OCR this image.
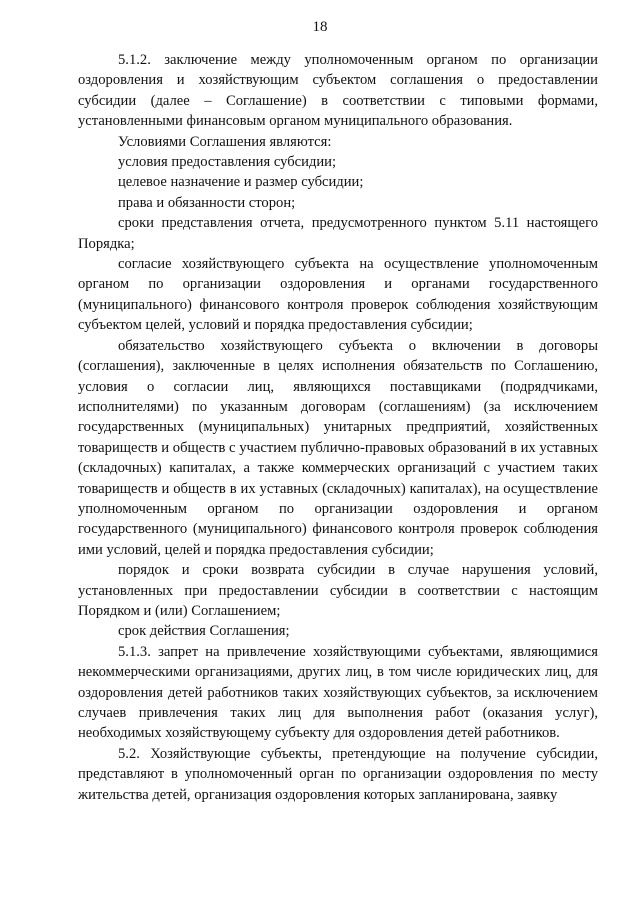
18

5.1.2. заключение между уполномоченным органом по организации оздоровления и хозяйствующим субъектом соглашения о предоставлении субсидии (далее – Соглашение) в соответствии с типовыми формами, установленными финансовым органом муниципального образования.

Условиями Соглашения являются:

условия предоставления субсидии;

целевое назначение и размер субсидии;

права и обязанности сторон;

сроки представления отчета, предусмотренного пунктом 5.11 настоящего Порядка;

согласие хозяйствующего субъекта на осуществление уполномоченным органом по организации оздоровления и органами государственного (муниципального) финансового контроля проверок соблюдения хозяйствующим субъектом целей, условий и порядка предоставления субсидии;

обязательство хозяйствующего субъекта о включении в договоры (соглашения), заключенные в целях исполнения обязательств по Соглашению, условия о согласии лиц, являющихся поставщиками (подрядчиками, исполнителями) по указанным договорам (соглашениям) (за исключением государственных (муниципальных) унитарных предприятий, хозяйственных товариществ и обществ с участием публично-правовых образований в их уставных (складочных) капиталах, а также коммерческих организаций с участием таких товариществ и обществ в их уставных (складочных) капиталах), на осуществление уполномоченным органом по организации оздоровления и органом государственного (муниципального) финансового контроля проверок соблюдения ими условий, целей и порядка предоставления субсидии;

порядок и сроки возврата субсидии в случае нарушения условий, установленных при предоставлении субсидии в соответствии с настоящим Порядком и (или) Соглашением;

срок действия Соглашения;

5.1.3. запрет на привлечение хозяйствующими субъектами, являющимися некоммерческими организациями, других лиц, в том числе юридических лиц, для оздоровления детей работников таких хозяйствующих субъектов, за исключением случаев привлечения таких лиц для выполнения работ (оказания услуг), необходимых хозяйствующему субъекту для оздоровления детей работников.

5.2. Хозяйствующие субъекты, претендующие на получение субсидии, представляют в уполномоченный орган по организации оздоровления по месту жительства детей, организация оздоровления которых запланирована, заявку
